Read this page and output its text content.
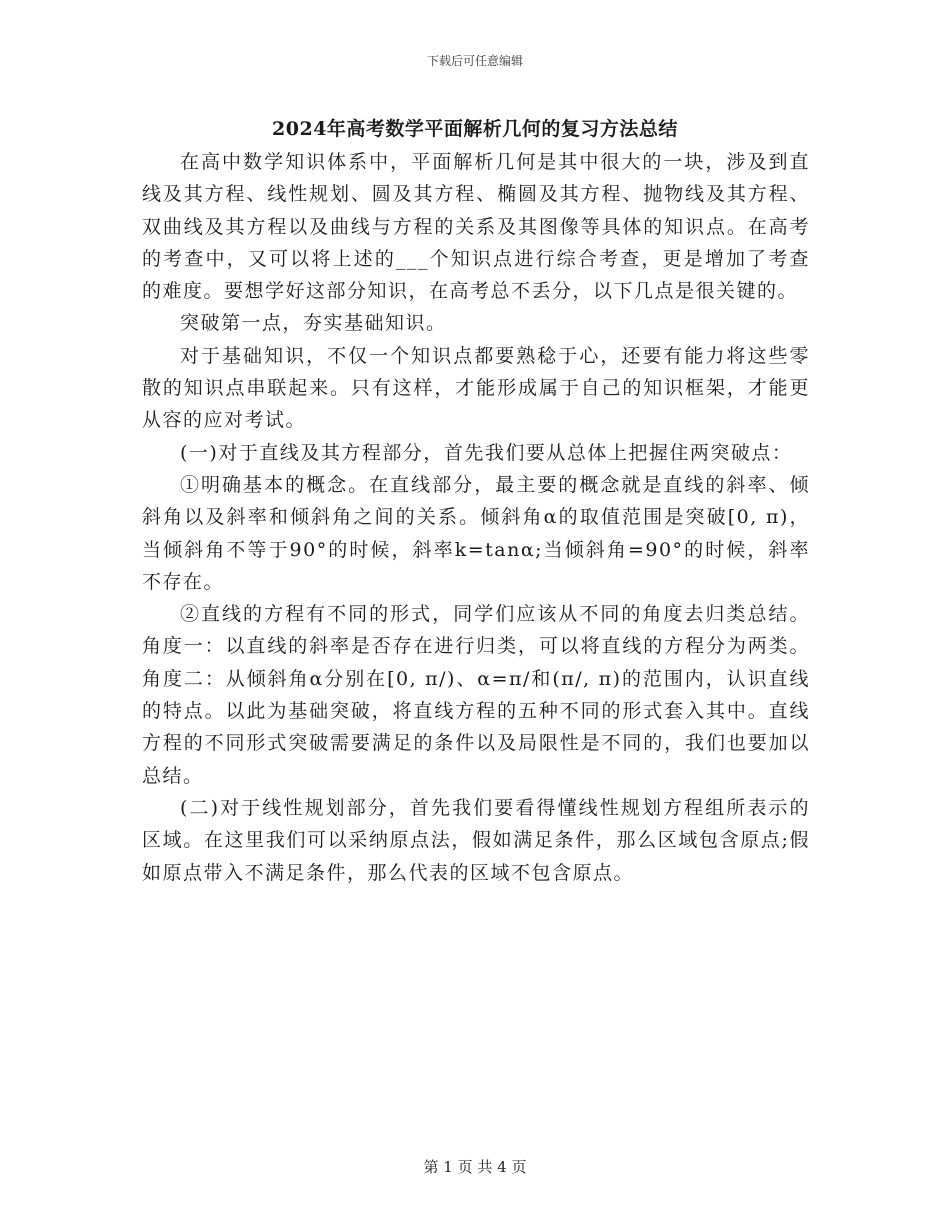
下载后可任意编辑
2024年高考数学平面解析几何的复习方法总结

在高中数学知识体系中，平面解析几何是其中很大的一块，涉及到直线及其方程、线性规划、圆及其方程、椭圆及其方程、抛物线及其方程、双曲线及其方程以及曲线与方程的关系及其图像等具体的知识点。在高考的考查中，又可以将上述的___个知识点进行综合考查，更是增加了考查的难度。要想学好这部分知识，在高考总不丢分，以下几点是很关键的。

突破第一点，夯实基础知识。

对于基础知识，不仅一个知识点都要熟稔于心，还要有能力将这些零散的知识点串联起来。只有这样，才能形成属于自己的知识框架，才能更从容的应对考试。

(一)对于直线及其方程部分，首先我们要从总体上把握住两突破点：

①明确基本的概念。在直线部分，最主要的概念就是直线的斜率、倾斜角以及斜率和倾斜角之间的关系。倾斜角α的取值范围是突破[0, π)，当倾斜角不等于90°的时候，斜率k=tanα;当倾斜角=90°的时候，斜率不存在。

②直线的方程有不同的形式，同学们应该从不同的角度去归类总结。角度一：以直线的斜率是否存在进行归类，可以将直线的方程分为两类。角度二：从倾斜角α分别在[0, π/)、α=π/和(π/, π)的范围内，认识直线的特点。以此为基础突破，将直线方程的五种不同的形式套入其中。直线方程的不同形式突破需要满足的条件以及局限性是不同的，我们也要加以总结。

(二)对于线性规划部分，首先我们要看得懂线性规划方程组所表示的区域。在这里我们可以采纳原点法，假如满足条件，那么区域包含原点;假如原点带入不满足条件，那么代表的区域不包含原点。

第 1 页 共 4 页
